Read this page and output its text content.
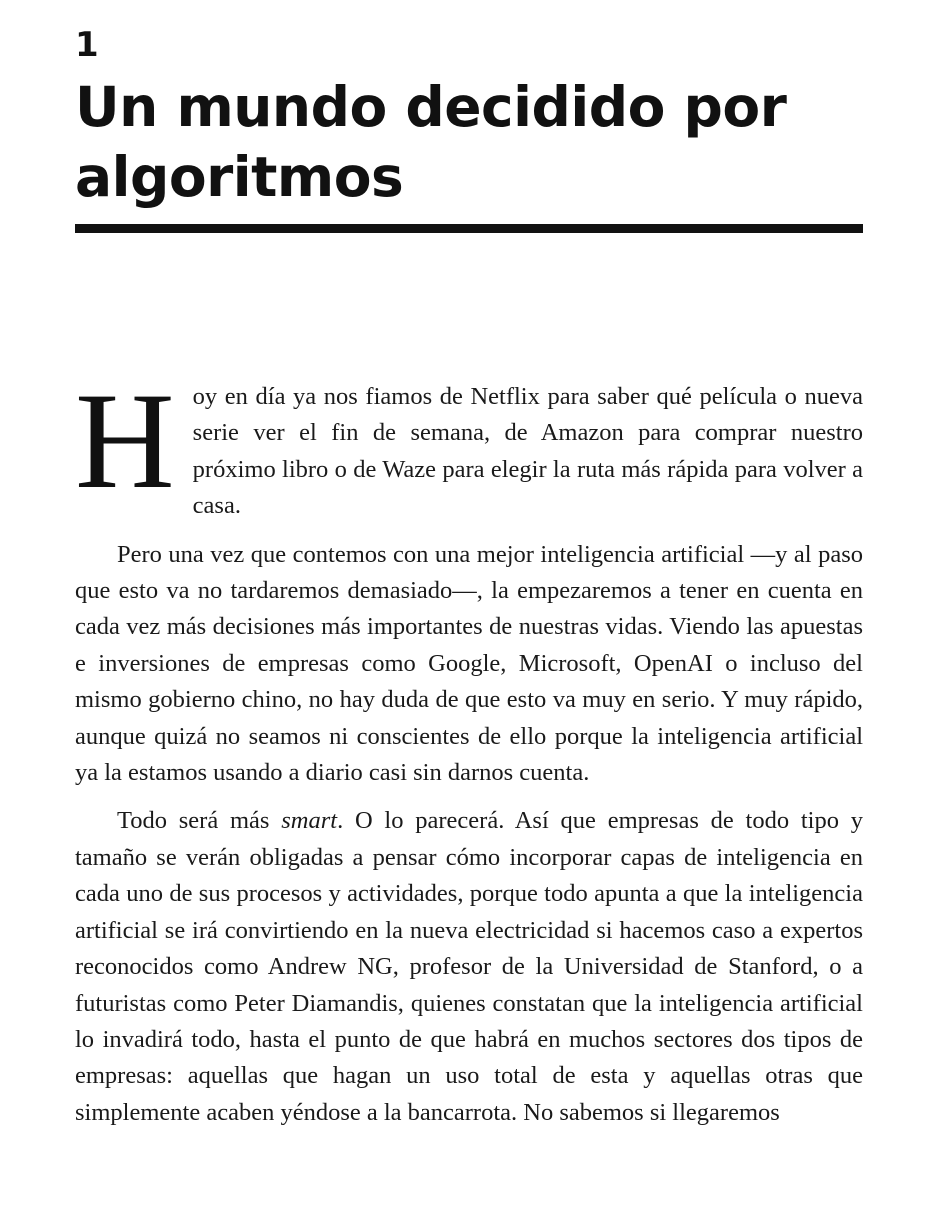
1
Un mundo decidido por algoritmos

Hoy en día ya nos fiamos de Netflix para saber qué película o nueva serie ver el fin de semana, de Amazon para comprar nuestro próximo libro o de Waze para elegir la ruta más rápida para volver a casa.

Pero una vez que contemos con una mejor inteligencia artificial —y al paso que esto va no tardaremos demasiado—, la empezaremos a tener en cuenta en cada vez más decisiones más importantes de nuestras vidas. Viendo las apuestas e inversiones de empresas como Google, Microsoft, OpenAI o incluso del mismo gobierno chino, no hay duda de que esto va muy en serio. Y muy rápido, aunque quizá no seamos ni conscientes de ello porque la inteligencia artificial ya la estamos usando a diario casi sin darnos cuenta.

Todo será más smart. O lo parecerá. Así que empresas de todo tipo y tamaño se verán obligadas a pensar cómo incorporar capas de inteligencia en cada uno de sus procesos y actividades, porque todo apunta a que la inteligencia artificial se irá convirtiendo en la nueva electricidad si hacemos caso a expertos reconocidos como Andrew NG, profesor de la Universidad de Stanford, o a futuristas como Peter Diamandis, quienes constatan que la inteligencia artificial lo invadirá todo, hasta el punto de que habrá en muchos sectores dos tipos de empresas: aquellas que hagan un uso total de esta y aquellas otras que simplemente acaben yéndose a la bancarrota. No sabemos si llegaremos
